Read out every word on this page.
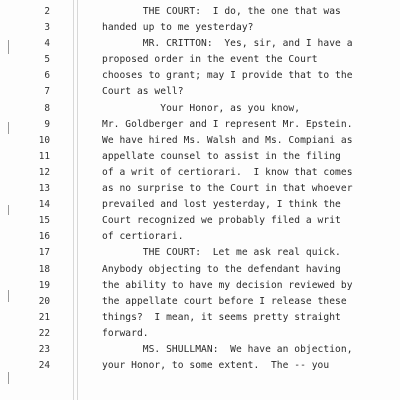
2	THE COURT:  I do, the one that was
3	handed up to me yesterday?
4	MR. CRITTON:  Yes, sir, and I have a
5	proposed order in the event the Court
6	chooses to grant; may I provide that to the
7	Court as well?
8	Your Honor, as you know,
9	Mr. Goldberger and I represent Mr. Epstein.
10	We have hired Ms. Walsh and Ms. Compiani as
11	appellate counsel to assist in the filing
12	of a writ of certiorari.  I know that comes
13	as no surprise to the Court in that whoever
14	prevailed and lost yesterday, I think the
15	Court recognized we probably filed a writ
16	of certiorari.
17	THE COURT:  Let me ask real quick.
18	Anybody objecting to the defendant having
19	the ability to have my decision reviewed by
20	the appellate court before I release these
21	things?  I mean, it seems pretty straight
22	forward.
23	MS. SHULLMAN:  We have an objection,
24	your Honor, to some extent.  The -- you
